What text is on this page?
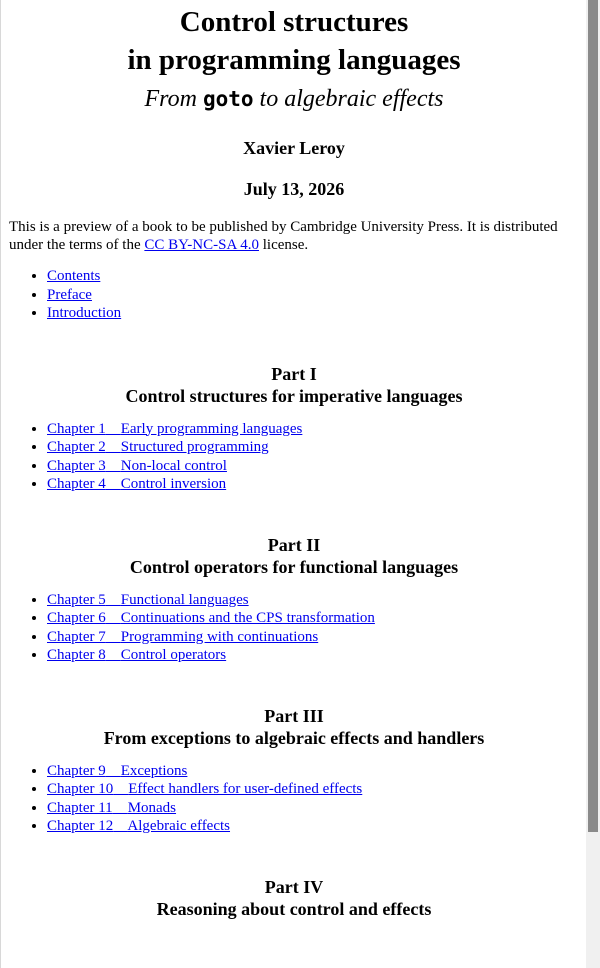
Control structures
in programming languages
From goto to algebraic effects
Xavier Leroy
July 13, 2026

This is a preview of a book to be published by Cambridge University Press. It is distributed under the terms of the CC BY-NC-SA 4.0 license.

• Contents
• Preface
• Introduction
Part I
Control structures for imperative languages
• Chapter 1 Early programming languages
• Chapter 2 Structured programming
• Chapter 3 Non-local control
• Chapter 4 Control inversion
Part II
Control operators for functional languages
• Chapter 5 Functional languages
• Chapter 6 Continuations and the CPS transformation
• Chapter 7 Programming with continuations
• Chapter 8 Control operators
Part III
From exceptions to algebraic effects and handlers
• Chapter 9 Exceptions
• Chapter 10 Effect handlers for user-defined effects
• Chapter 11 Monads
• Chapter 12 Algebraic effects
Part IV
Reasoning about control and effects
